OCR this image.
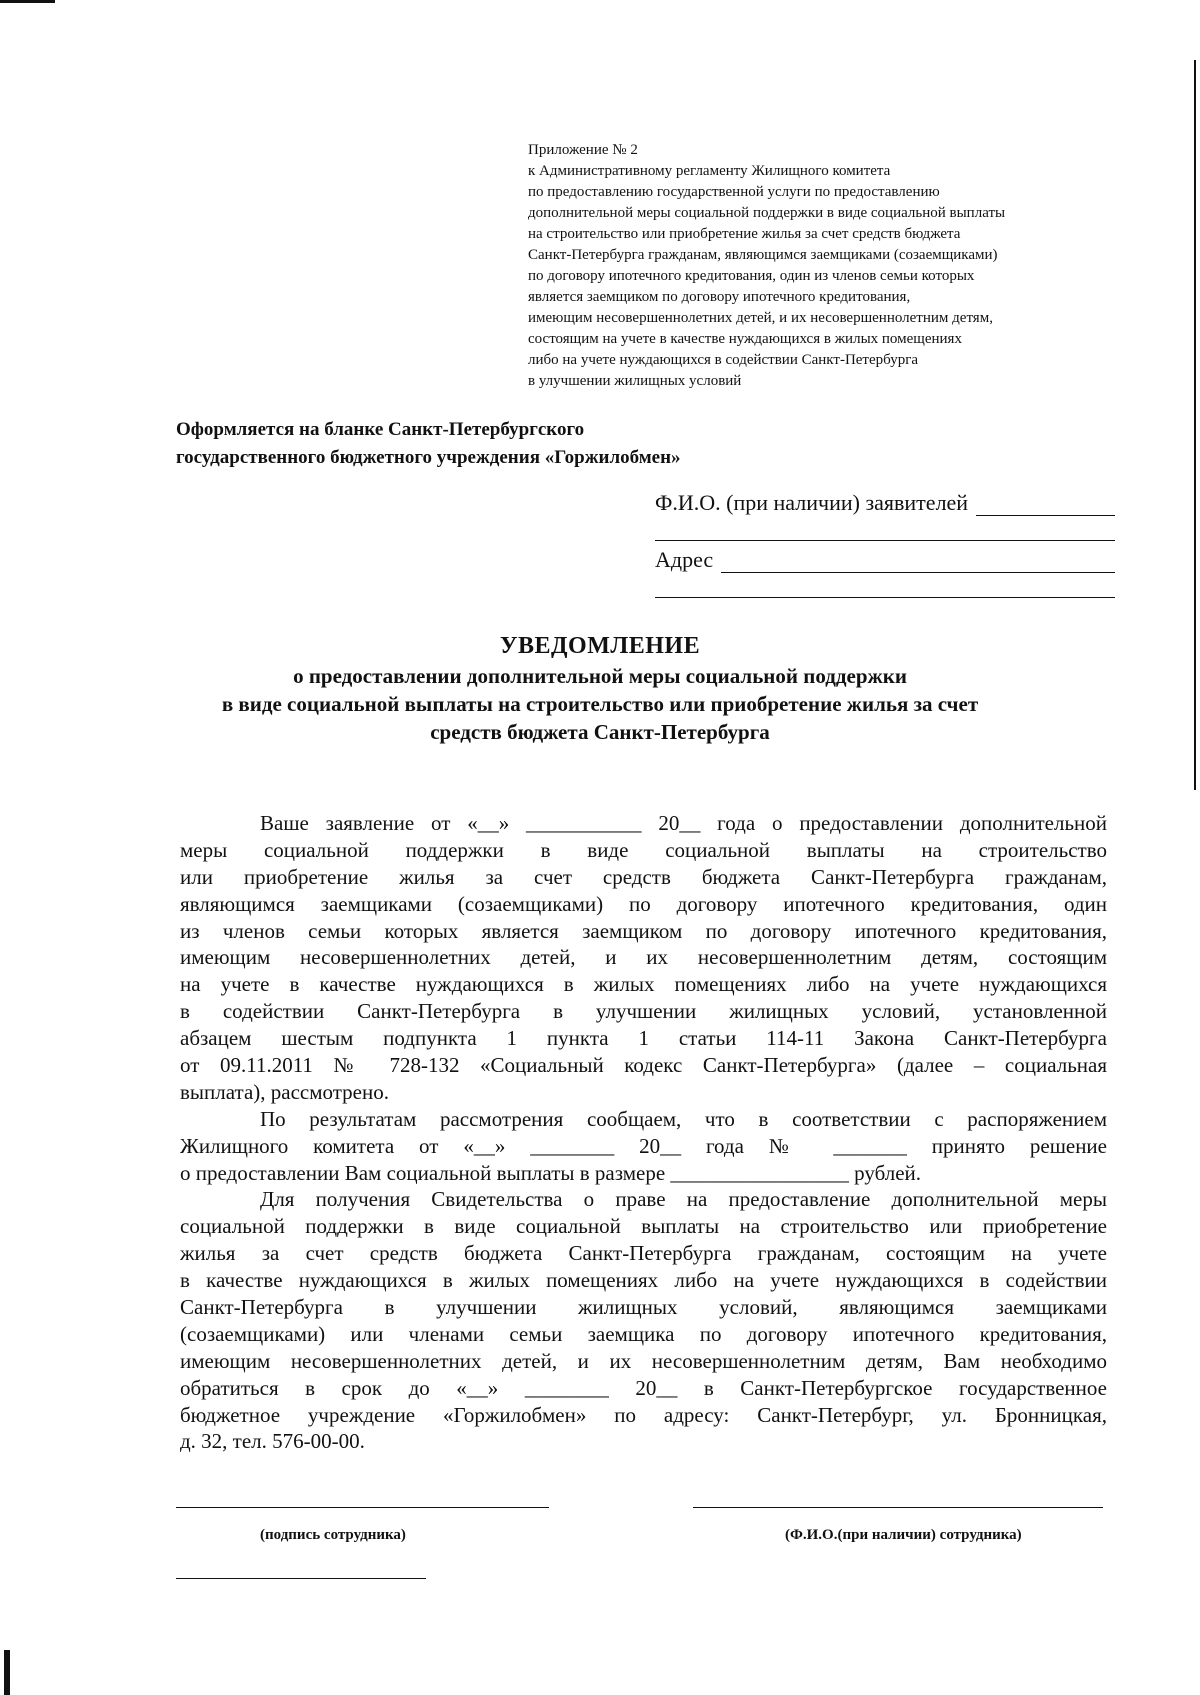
Приложение № 2
к Административному регламенту Жилищного комитета
по предоставлению государственной услуги по предоставлению
дополнительной меры социальной поддержки в виде социальной выплаты
на строительство или приобретение жилья за счет средств бюджета
Санкт-Петербурга гражданам, являющимся заемщиками (созаемщиками)
по договору ипотечного кредитования, один из членов семьи которых
является заемщиком по договору ипотечного кредитования,
имеющим несовершеннолетних детей, и их несовершеннолетним детям,
состоящим на учете в качестве нуждающихся в жилых помещениях
либо на учете нуждающихся в содействии Санкт-Петербурга
в улучшении жилищных условий
Оформляется на бланке Санкт-Петербургского
государственного бюджетного учреждения «Горжилобмен»
Ф.И.О. (при наличии) заявителей
Адрес
УВЕДОМЛЕНИЕ
о предоставлении дополнительной меры социальной поддержки
в виде социальной выплаты на строительство или приобретение жилья за счет
средств бюджета Санкт-Петербурга
Ваше заявление от «__» ___________ 20__ года о предоставлении дополнительной
меры социальной поддержки в виде социальной выплаты на строительство
или приобретение жилья за счет средств бюджета Санкт-Петербурга гражданам,
являющимся заемщиками (созаемщиками) по договору ипотечного кредитования, один
из членов семьи которых является заемщиком по договору ипотечного кредитования,
имеющим несовершеннолетних детей, и их несовершеннолетним детям, состоящим
на учете в качестве нуждающихся в жилых помещениях либо на учете нуждающихся
в содействии Санкт-Петербурга в улучшении жилищных условий, установленной
абзацем шестым подпункта 1 пункта 1 статьи 114-11 Закона Санкт-Петербурга
от 09.11.2011 № 728-132 «Социальный кодекс Санкт-Петербурга» (далее – социальная
выплата), рассмотрено.
По результатам рассмотрения сообщаем, что в соответствии с распоряжением
Жилищного комитета от «__» ________ 20__ года № _______ принято решение
о предоставлении Вам социальной выплаты в размере _________________ рублей.
Для получения Свидетельства о праве на предоставление дополнительной меры
социальной поддержки в виде социальной выплаты на строительство или приобретение
жилья за счет средств бюджета Санкт-Петербурга гражданам, состоящим на учете
в качестве нуждающихся в жилых помещениях либо на учете нуждающихся в содействии
Санкт-Петербурга в улучшении жилищных условий, являющимся заемщиками
(созаемщиками) или членами семьи заемщика по договору ипотечного кредитования,
имеющим несовершеннолетних детей, и их несовершеннолетним детям, Вам необходимо
обратиться в срок до «__» ________ 20__ в Санкт-Петербургское государственное
бюджетное учреждение «Горжилобмен» по адресу: Санкт-Петербург, ул. Бронницкая,
д. 32, тел. 576-00-00.
(подпись сотрудника)	(Ф.И.О.(при наличии) сотрудника)
